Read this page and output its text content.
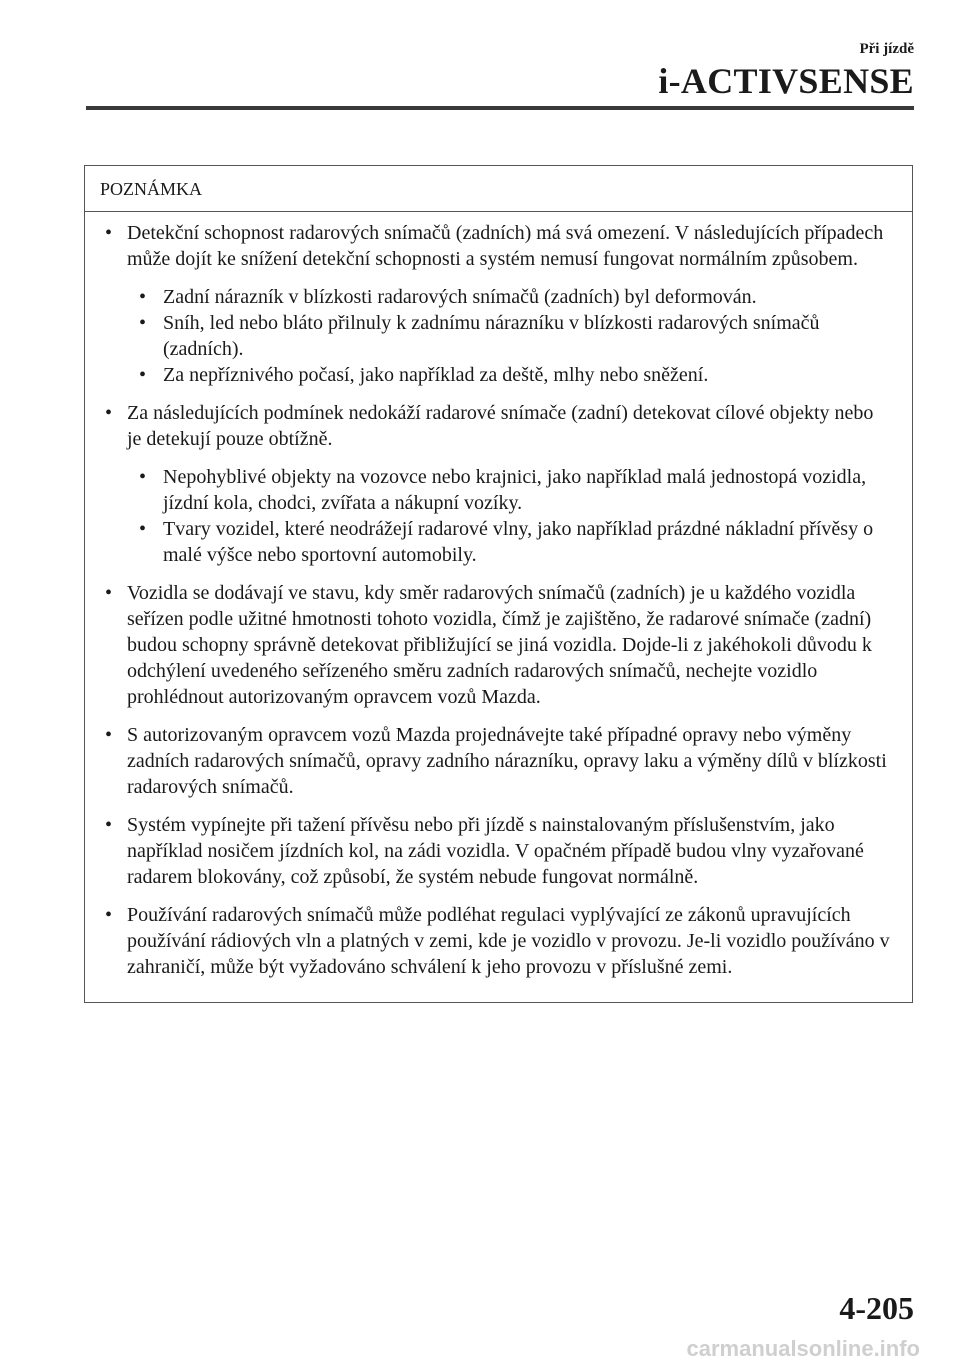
Při jízdě
i-ACTIVSENSE
POZNÁMKA
• Detekční schopnost radarových snímačů (zadních) má svá omezení. V následujících případech může dojít ke snížení detekční schopnosti a systém nemusí fungovat normálním způsobem.
• Zadní nárazník v blízkosti radarových snímačů (zadních) byl deformován.
• Sníh, led nebo bláto přilnuly k zadnímu nárazníku v blízkosti radarových snímačů (zadních).
• Za nepříznivého počasí, jako například za deště, mlhy nebo sněžení.
• Za následujících podmínek nedokáží radarové snímače (zadní) detekovat cílové objekty nebo je detekují pouze obtížně.
• Nepohyblivé objekty na vozovce nebo krajnici, jako například malá jednostopá vozidla, jízdní kola, chodci, zvířata a nákupní vozíky.
• Tvary vozidel, které neodrážejí radarové vlny, jako například prázdné nákladní přívěsy o malé výšce nebo sportovní automobily.
• Vozidla se dodávají ve stavu, kdy směr radarových snímačů (zadních) je u každého vozidla seřízen podle užitné hmotnosti tohoto vozidla, čímž je zajištěno, že radarové snímače (zadní) budou schopny správně detekovat přibližující se jiná vozidla. Dojde-li z jakéhokoli důvodu k odchýlení uvedeného seřízeného směru zadních radarových snímačů, nechejte vozidlo prohlédnout autorizovaným opravcem vozů Mazda.
• S autorizovaným opravcem vozů Mazda projednávejte také případné opravy nebo výměny zadních radarových snímačů, opravy zadního nárazníku, opravy laku a výměny dílů v blízkosti radarových snímačů.
• Systém vypínejte při tažení přívěsu nebo při jízdě s nainstalovaným příslušenstvím, jako například nosičem jízdních kol, na zádi vozidla. V opačném případě budou vlny vyzařované radarem blokovány, což způsobí, že systém nebude fungovat normálně.
• Používání radarových snímačů může podléhat regulaci vyplývající ze zákonů upravujících používání rádiových vln a platných v zemi, kde je vozidlo v provozu. Je-li vozidlo používáno v zahraničí, může být vyžadováno schválení k jeho provozu v příslušné zemi.
4-205
carmanualsonline.info
